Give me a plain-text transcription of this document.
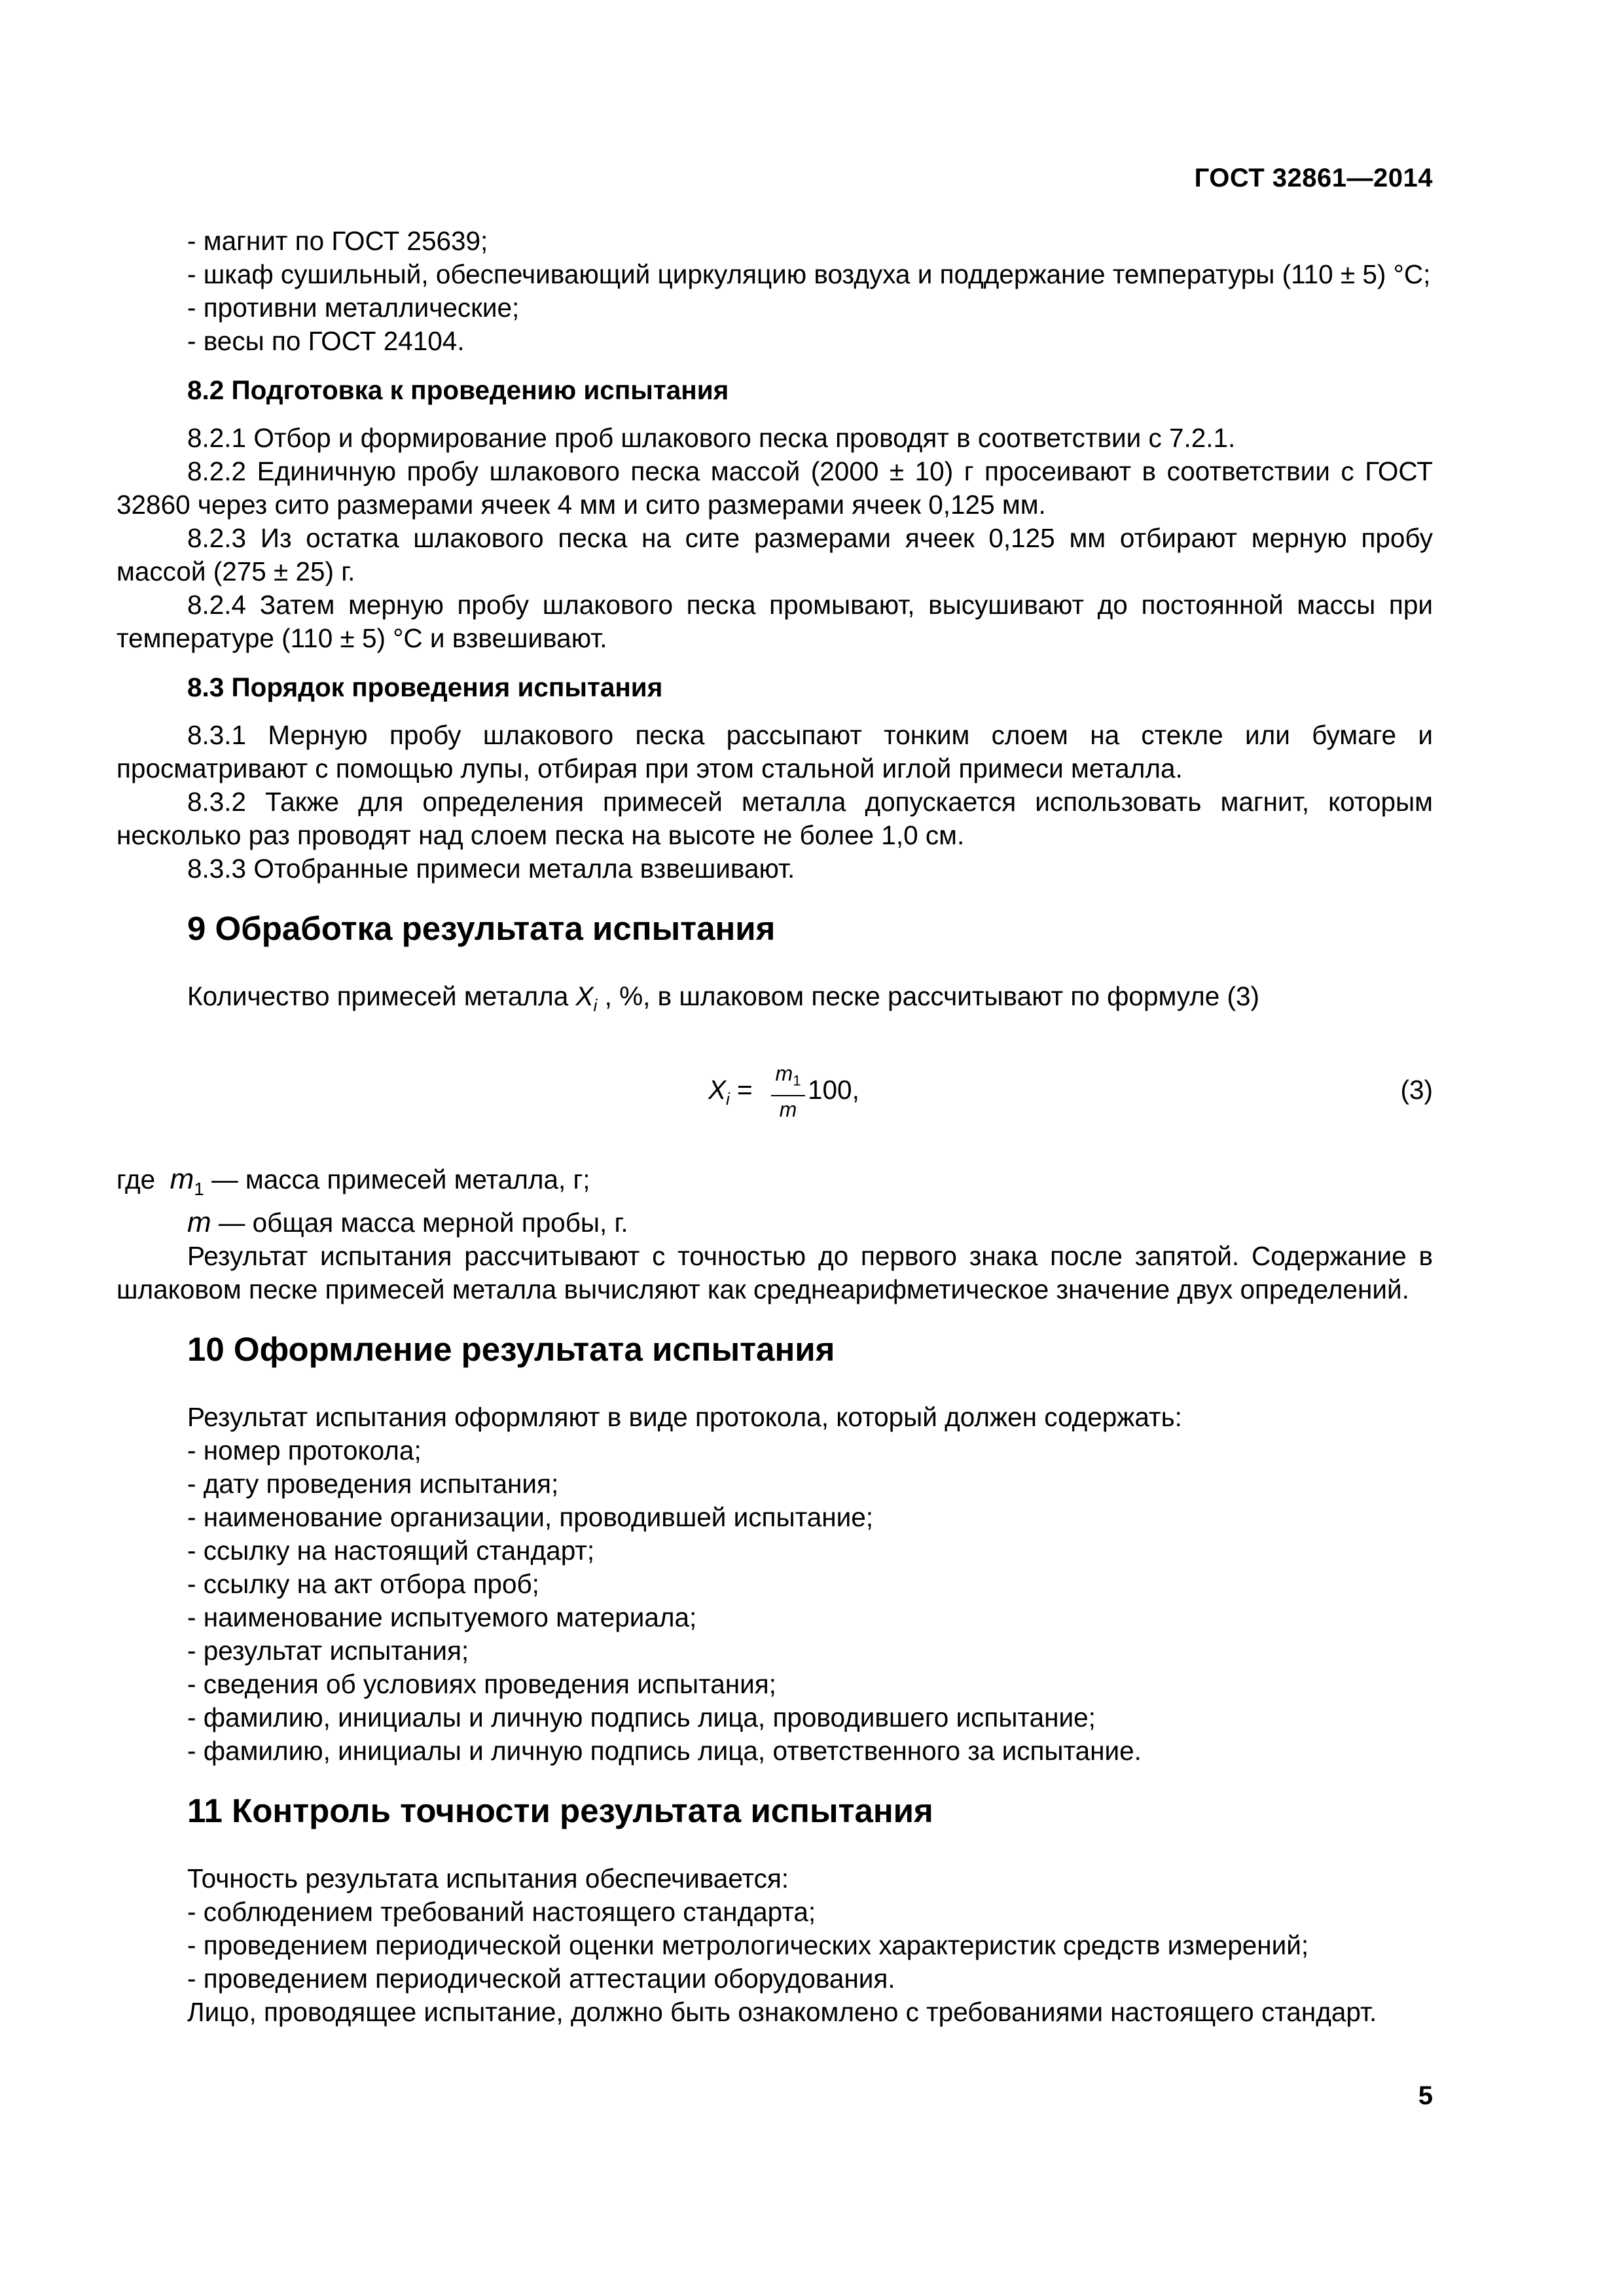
ГОСТ 32861—2014

- магнит по ГОСТ 25639;

- шкаф сушильный, обеспечивающий циркуляцию воздуха и поддержание температуры (110 ± 5) °С;

- противни металлические;

- весы по ГОСТ 24104.

8.2 Подготовка к проведению испытания

8.2.1 Отбор и формирование проб шлакового песка проводят в соответствии с 7.2.1.

8.2.2 Единичную пробу шлакового песка массой (2000 ± 10) г просеивают в соответствии с ГОСТ 32860 через сито размерами ячеек 4 мм и сито размерами ячеек 0,125 мм.

8.2.3 Из остатка шлакового песка на сите размерами ячеек 0,125 мм отбирают мерную пробу массой (275 ± 25) г.

8.2.4 Затем мерную пробу шлакового песка промывают, высушивают до постоянной массы при температуре (110 ± 5) °С и взвешивают.

8.3 Порядок проведения испытания

8.3.1 Мерную пробу шлакового песка рассыпают тонким слоем на стекле или бумаге и просматривают с помощью лупы, отбирая при этом стальной иглой примеси металла.

8.3.2 Также для определения примесей металла допускается использовать магнит, которым несколько раз проводят над слоем песка на высоте не более 1,0 см.

8.3.3 Отобранные примеси металла взвешивают.

9 Обработка результата испытания

Количество примесей металла $X_i$ , %, в шлаковом песке рассчитывают по формуле (3)

$X_i = \frac{m_1}{m} 100$,	(3)

где $m_1$ — масса примесей металла, г;

m — общая масса мерной пробы, г.

Результат испытания рассчитывают с точностью до первого знака после запятой. Содержание в шлаковом песке примесей металла вычисляют как среднеарифметическое значение двух определений.

10 Оформление результата испытания

Результат испытания оформляют в виде протокола, который должен содержать:

- номер протокола;

- дату проведения испытания;

- наименование организации, проводившей испытание;

- ссылку на настоящий стандарт;

- ссылку на акт отбора проб;

- наименование испытуемого материала;

- результат испытания;

- сведения об условиях проведения испытания;

- фамилию, инициалы и личную подпись лица, проводившего испытание;

- фамилию, инициалы и личную подпись лица, ответственного за испытание.

11 Контроль точности результата испытания

Точность результата испытания обеспечивается:

- соблюдением требований настоящего стандарта;

- проведением периодической оценки метрологических характеристик средств измерений;

- проведением периодической аттестации оборудования.

Лицо, проводящее испытание, должно быть ознакомлено с требованиями настоящего стандарт.

5
